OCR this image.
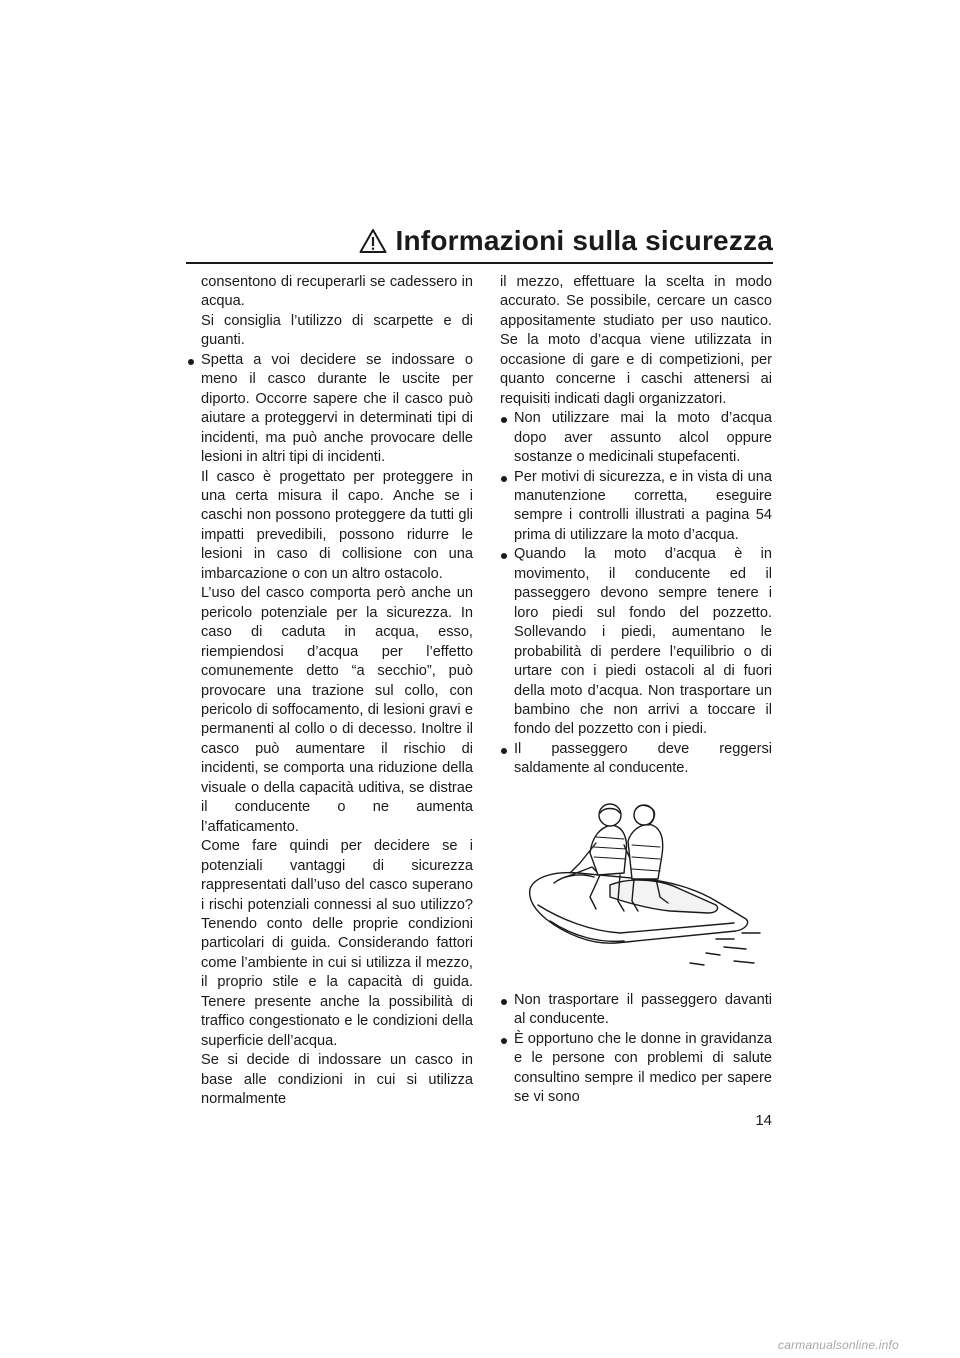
Informazioni sulla sicurezza

consentono di recuperarli se cadessero in acqua.

Si consiglia l’utilizzo di scarpette e di guanti.

Spetta a voi decidere se indossare o meno il casco durante le uscite per diporto. Occorre sapere che il casco può aiutare a proteggervi in determinati tipi di incidenti, ma può anche provocare delle lesioni in altri tipi di incidenti.

Il casco è progettato per proteggere in una certa misura il capo. Anche se i caschi non possono proteggere da tutti gli impatti prevedibili, possono ridurre le lesioni in caso di collisione con una imbarcazione o con un altro ostacolo.

L’uso del casco comporta però anche un pericolo potenziale per la sicurezza. In caso di caduta in acqua, esso, riempiendosi d’acqua per l’effetto comunemente detto “a secchio”, può provocare una trazione sul collo, con pericolo di soffocamento, di lesioni gravi e permanenti al collo o di decesso. Inoltre il casco può aumentare il rischio di incidenti, se comporta una riduzione della visuale o della capacità uditiva, se distrae il conducente o ne aumenta l’affaticamento.

Come fare quindi per decidere se i potenziali vantaggi di sicurezza rappresentati dall’uso del casco superano i rischi potenziali connessi al suo utilizzo? Tenendo conto delle proprie condizioni particolari di guida. Considerando fattori come l’ambiente in cui si utilizza il mezzo, il proprio stile e la capacità di guida. Tenere presente anche la possibilità di traffico congestionato e le condizioni della superficie dell’acqua.

Se si decide di indossare un casco in base alle condizioni in cui si utilizza normalmente

il mezzo, effettuare la scelta in modo accurato. Se possibile, cercare un casco appositamente studiato per uso nautico. Se la moto d’acqua viene utilizzata in occasione di gare e di competizioni, per quanto concerne i caschi attenersi ai requisiti indicati dagli organizzatori.

Non utilizzare mai la moto d’acqua dopo aver assunto alcol oppure sostanze o medicinali stupefacenti.

Per motivi di sicurezza, e in vista di una manutenzione corretta, eseguire sempre i controlli illustrati a pagina 54 prima di utilizzare la moto d’acqua.

Quando la moto d’acqua è in movimento, il conducente ed il passeggero devono sempre tenere i loro piedi sul fondo del pozzetto. Sollevando i piedi, aumentano le probabilità di perdere l’equilibrio o di urtare con i piedi ostacoli al di fuori della moto d’acqua. Non trasportare un bambino che non arrivi a toccare il fondo del pozzetto con i piedi.

Il passeggero deve reggersi saldamente al conducente.

Non trasportare il passeggero davanti al conducente.

È opportuno che le donne in gravidanza e le persone con problemi di salute consultino sempre il medico per sapere se vi sono

14
carmanualsonline.info
